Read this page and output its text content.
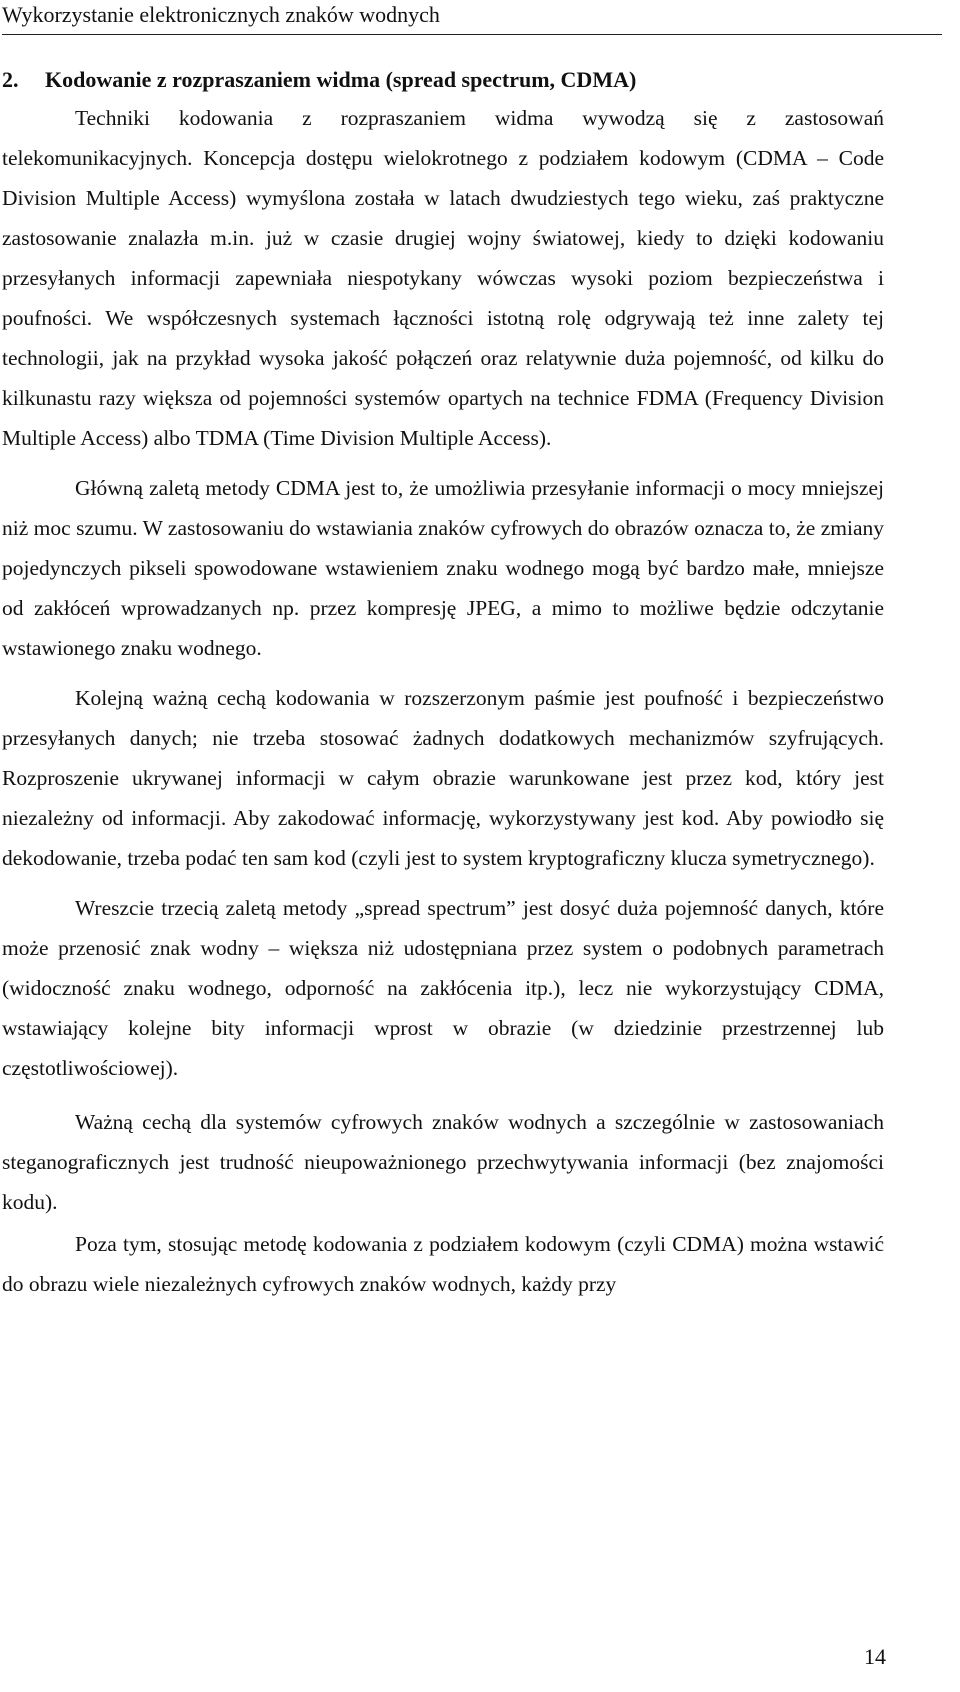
Wykorzystanie elektronicznych znaków wodnych
2. Kodowanie z rozpraszaniem widma (spread spectrum, CDMA)

Techniki kodowania z rozpraszaniem widma wywodzą się z zastosowań telekomunikacyjnych. Koncepcja dostępu wielokrotnego z podziałem kodowym (CDMA – Code Division Multiple Access) wymyślona została w latach dwudziestych tego wieku, zaś praktyczne zastosowanie znalazła m.in. już w czasie drugiej wojny światowej, kiedy to dzięki kodowaniu przesyłanych informacji zapewniała niespotykany wówczas wysoki poziom bezpieczeństwa i poufności. We współczesnych systemach łączności istotną rolę odgrywają też inne zalety tej technologii, jak na przykład wysoka jakość połączeń oraz relatywnie duża pojemność, od kilku do kilkunastu razy większa od pojemności systemów opartych na technice FDMA (Frequency Division Multiple Access) albo TDMA (Time Division Multiple Access).

Główną zaletą metody CDMA jest to, że umożliwia przesyłanie informacji o mocy mniejszej niż moc szumu. W zastosowaniu do wstawiania znaków cyfrowych do obrazów oznacza to, że zmiany pojedynczych pikseli spowodowane wstawieniem znaku wodnego mogą być bardzo małe, mniejsze od zakłóceń wprowadzanych np. przez kompresję JPEG, a mimo to możliwe będzie odczytanie wstawionego znaku wodnego.

Kolejną ważną cechą kodowania w rozszerzonym paśmie jest poufność i bezpieczeństwo przesyłanych danych; nie trzeba stosować żadnych dodatkowych mechanizmów szyfrujących. Rozproszenie ukrywanej informacji w całym obrazie warunkowane jest przez kod, który jest niezależny od informacji. Aby zakodować informację, wykorzystywany jest kod. Aby powiodło się dekodowanie, trzeba podać ten sam kod (czyli jest to system kryptograficzny klucza symetrycznego).

Wreszcie trzecią zaletą metody „spread spectrum” jest dosyć duża pojemność danych, które może przenosić znak wodny – większa niż udostępniana przez system o podobnych parametrach (widoczność znaku wodnego, odporność na zakłócenia itp.), lecz nie wykorzystujący CDMA, wstawiający kolejne bity informacji wprost w obrazie (w dziedzinie przestrzennej lub częstotliwościowej).

Ważną cechą dla systemów cyfrowych znaków wodnych a szczególnie w zastosowaniach steganograficznych jest trudność nieupoważnionego przechwytywania informacji (bez znajomości kodu).

Poza tym, stosując metodę kodowania z podziałem kodowym (czyli CDMA) można wstawić do obrazu wiele niezależnych cyfrowych znaków wodnych, każdy przy

14
